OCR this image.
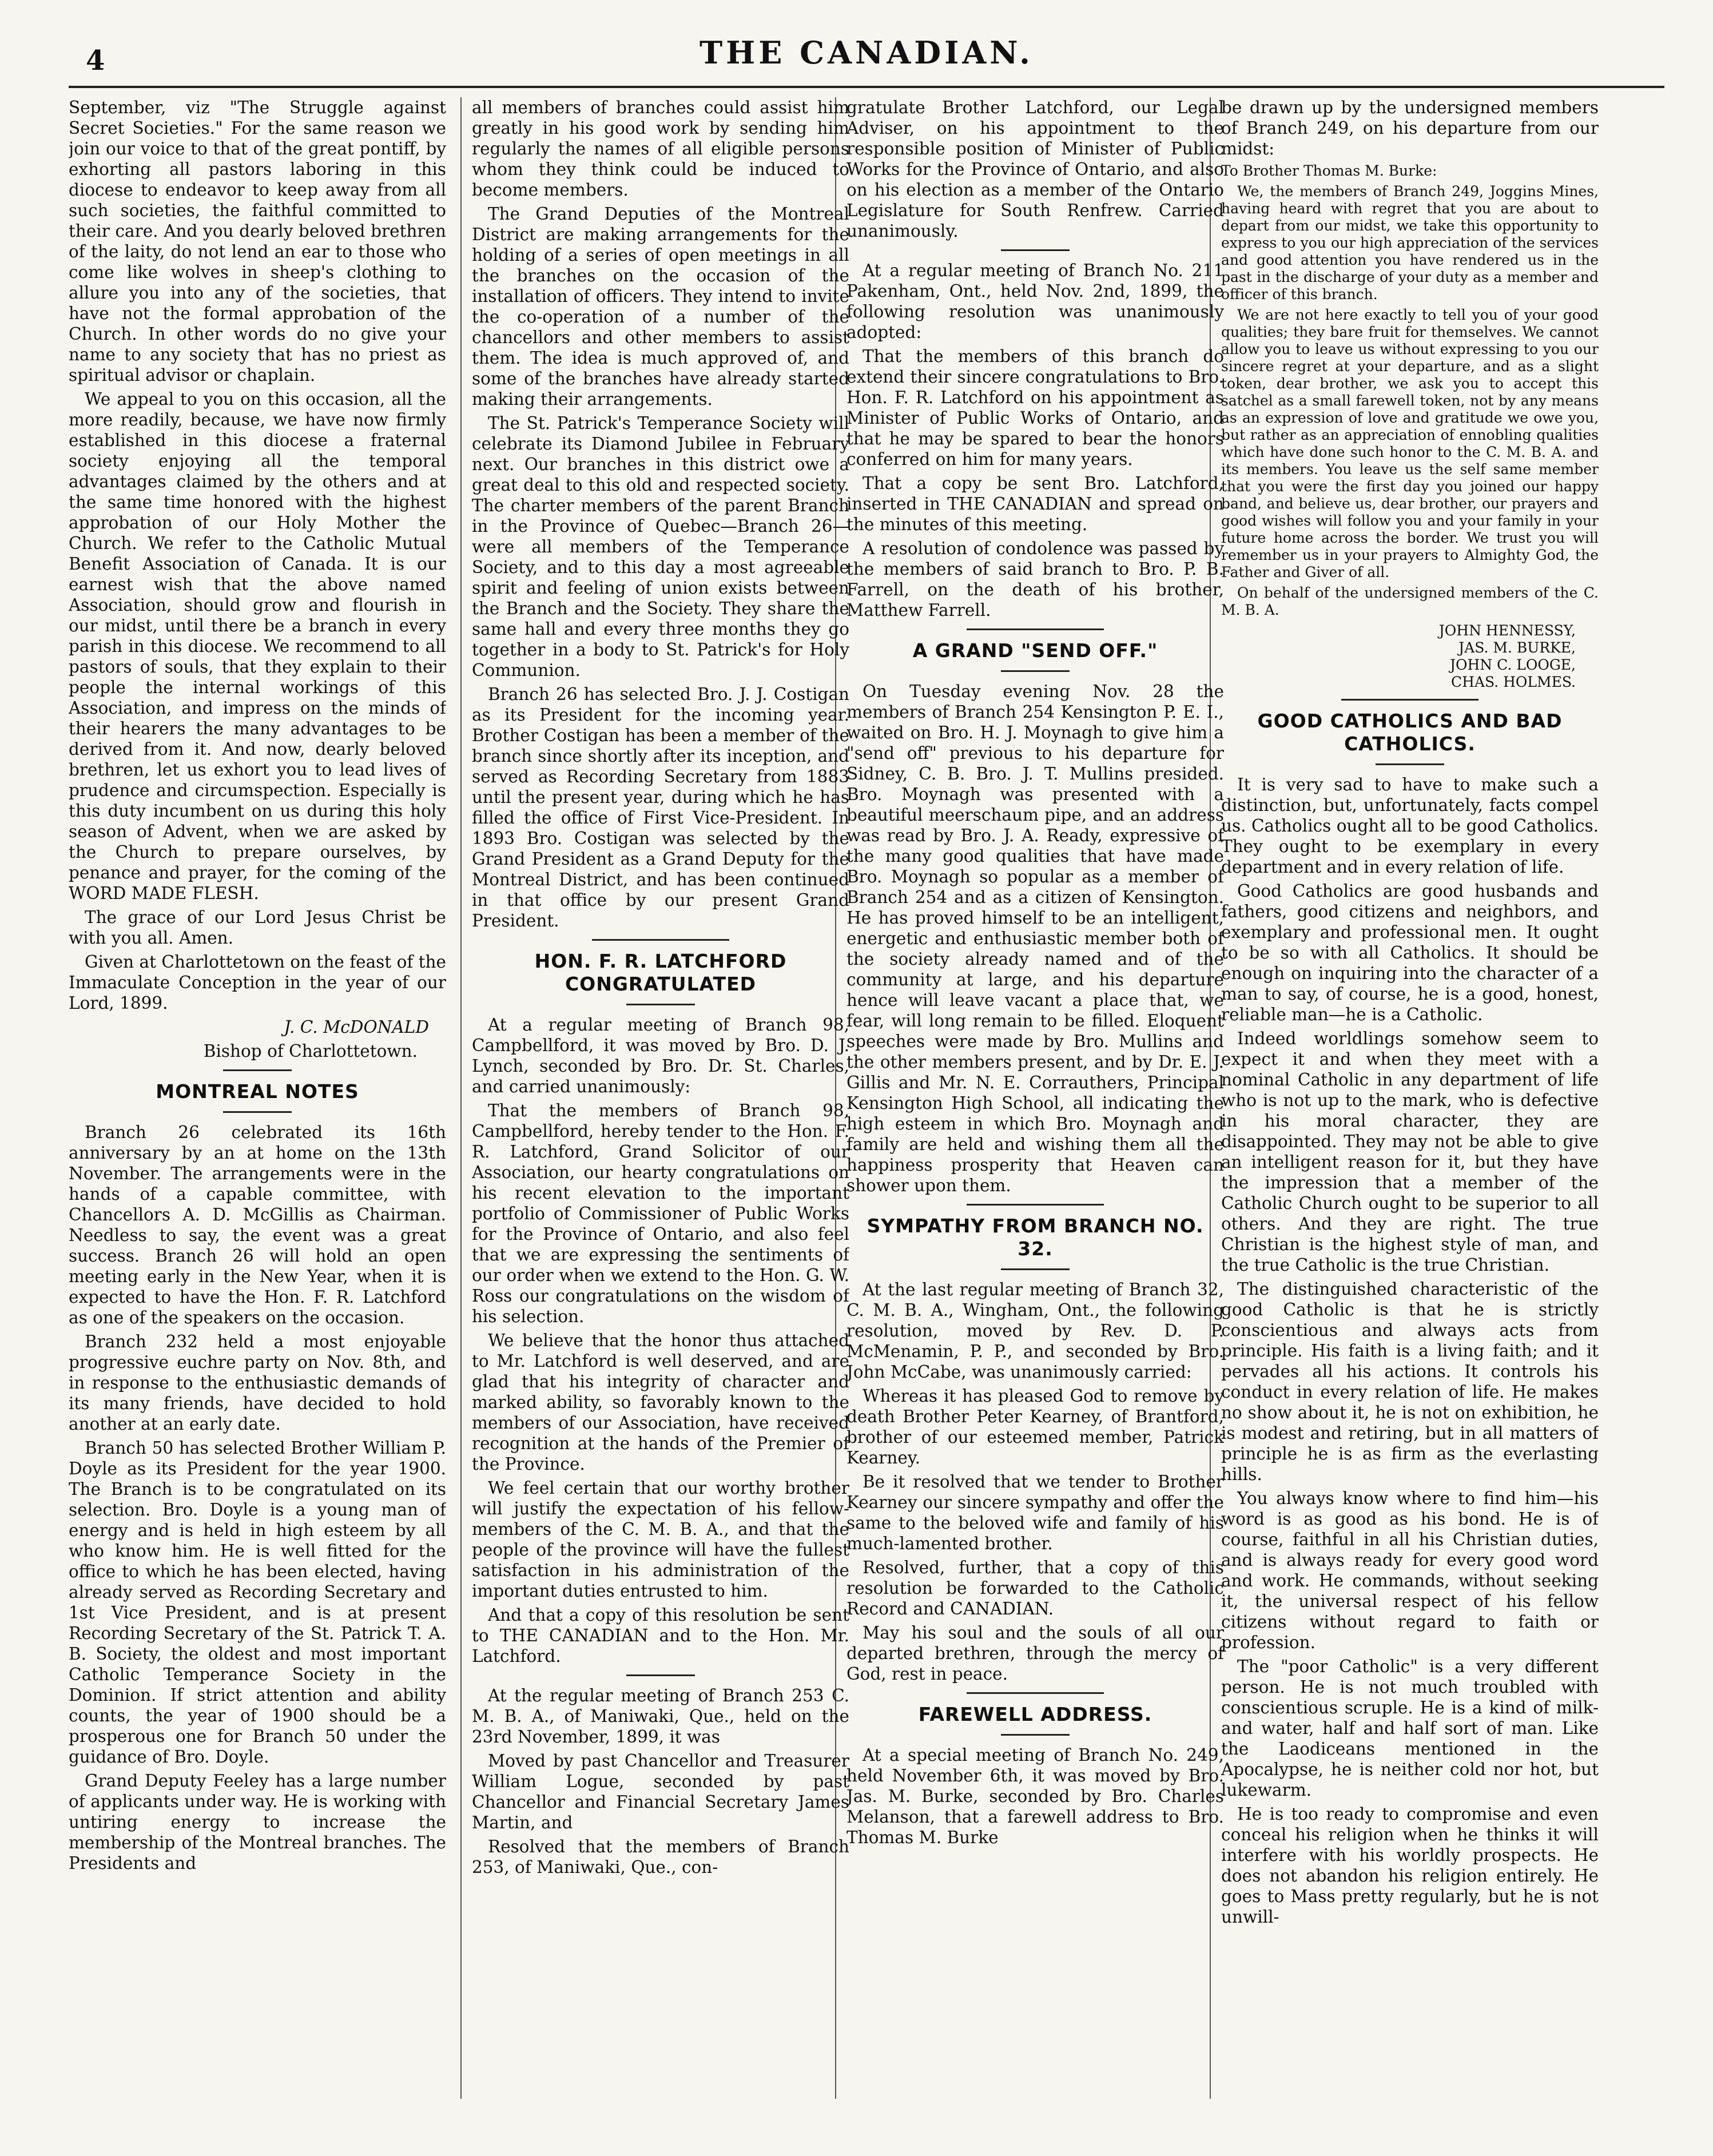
4	THE CANADIAN.

September, viz "The Struggle against Secret Societies." For the same reason we join our voice to that of the great pontiff, by exhorting all pastors laboring in this diocese to endeavor to keep away from all such societies, the faithful committed to their care. And you dearly beloved brethren of the laity, do not lend an ear to those who come like wolves in sheep's clothing to allure you into any of the societies, that have not the formal approbation of the Church. In other words do no give your name to any society that has no priest as spiritual advisor or chaplain.

We appeal to you on this occasion, all the more readily, because, we have now firmly established in this diocese a fraternal society enjoying all the temporal advantages claimed by the others and at the same time honored with the highest approbation of our Holy Mother the Church. We refer to the Catholic Mutual Benefit Association of Canada. It is our earnest wish that the above named Association, should grow and flourish in our midst, until there be a branch in every parish in this diocese. We recommend to all pastors of souls, that they explain to their people the internal workings of this Association, and impress on the minds of their hearers the many advantages to be derived from it. And now, dearly beloved brethren, let us exhort you to lead lives of prudence and circumspection. Especially is this duty incumbent on us during this holy season of Advent, when we are asked by the Church to prepare ourselves, by penance and prayer, for the coming of the WORD MADE FLESH.

The grace of our Lord Jesus Christ be with you all. Amen.

Given at Charlottetown on the feast of the Immaculate Conception in the year of our Lord, 1899.

J. C. McDONALD

Bishop of Charlottetown.

MONTREAL NOTES

Branch 26 celebrated its 16th anniversary by an at home on the 13th November. The arrangements were in the hands of a capable committee, with Chancellors A. D. McGillis as Chairman. Needless to say, the event was a great success. Branch 26 will hold an open meeting early in the New Year, when it is expected to have the Hon. F. R. Latchford as one of the speakers on the occasion.

Branch 232 held a most enjoyable progressive euchre party on Nov. 8th, and in response to the enthusiastic demands of its many friends, have decided to hold another at an early date.

Branch 50 has selected Brother William P. Doyle as its President for the year 1900. The Branch is to be congratulated on its selection. Bro. Doyle is a young man of energy and is held in high esteem by all who know him. He is well fitted for the office to which he has been elected, having already served as Recording Secretary and 1st Vice President, and is at present Recording Secretary of the St. Patrick T. A. B. Society, the oldest and most important Catholic Temperance Society in the Dominion. If strict attention and ability counts, the year of 1900 should be a prosperous one for Branch 50 under the guidance of Bro. Doyle.

Grand Deputy Feeley has a large number of applicants under way. He is working with untiring energy to increase the membership of the Montreal branches. The Presidents and

all members of branches could assist him greatly in his good work by sending him regularly the names of all eligible persons whom they think could be induced to become members.

The Grand Deputies of the Montreal District are making arrangements for the holding of a series of open meetings in all the branches on the occasion of the installation of officers. They intend to invite the co-operation of a number of the chancellors and other members to assist them. The idea is much approved of, and some of the branches have already started making their arrangements.

The St. Patrick's Temperance Society will celebrate its Diamond Jubilee in February next. Our branches in this district owe a great deal to this old and respected society. The charter members of the parent Branch in the Province of Quebec—Branch 26—were all members of the Temperance Society, and to this day a most agreeable spirit and feeling of union exists between the Branch and the Society. They share the same hall and every three months they go together in a body to St. Patrick's for Holy Communion.

Branch 26 has selected Bro. J. J. Costigan as its President for the incoming year. Brother Costigan has been a member of the branch since shortly after its inception, and served as Recording Secretary from 1883 until the present year, during which he has filled the office of First Vice-President. In 1893 Bro. Costigan was selected by the Grand President as a Grand Deputy for the Montreal District, and has been continued in that office by our present Grand President.

HON. F. R. LATCHFORD CONGRATULATED

At a regular meeting of Branch 98, Campbellford, it was moved by Bro. D. J. Lynch, seconded by Bro. Dr. St. Charles, and carried unanimously:

That the members of Branch 98, Campbellford, hereby tender to the Hon. F. R. Latchford, Grand Solicitor of our Association, our hearty congratulations on his recent elevation to the important portfolio of Commissioner of Public Works for the Province of Ontario, and also feel that we are expressing the sentiments of our order when we extend to the Hon. G. W. Ross our congratulations on the wisdom of his selection.

We believe that the honor thus attached to Mr. Latchford is well deserved, and are glad that his integrity of character and marked ability, so favorably known to the members of our Association, have received recognition at the hands of the Premier of the Province.

We feel certain that our worthy brother will justify the expectation of his fellow-members of the C. M. B. A., and that the people of the province will have the fullest satisfaction in his administration of the important duties entrusted to him.

And that a copy of this resolution be sent to THE CANADIAN and to the Hon. Mr. Latchford.

At the regular meeting of Branch 253 C. M. B. A., of Maniwaki, Que., held on the 23rd November, 1899, it was

Moved by past Chancellor and Treasurer William Logue, seconded by past Chancellor and Financial Secretary James Martin, and

Resolved that the members of Branch 253, of Maniwaki, Que., con-

gratulate Brother Latchford, our Legal Adviser, on his appointment to the responsible position of Minister of Public Works for the Province of Ontario, and also on his election as a member of the Ontario Legislature for South Renfrew. Carried unanimously.

At a regular meeting of Branch No. 211 Pakenham, Ont., held Nov. 2nd, 1899, the following resolution was unanimously adopted:

That the members of this branch do extend their sincere congratulations to Bro. Hon. F. R. Latchford on his appointment as Minister of Public Works of Ontario, and that he may be spared to bear the honors conferred on him for many years.

That a copy be sent Bro. Latchford, inserted in THE CANADIAN and spread on the minutes of this meeting.

A resolution of condolence was passed by the members of said branch to Bro. P. B. Farrell, on the death of his brother, Matthew Farrell.

A GRAND "SEND OFF."

On Tuesday evening Nov. 28 the members of Branch 254 Kensington P. E. I., waited on Bro. H. J. Moynagh to give him a "send off" previous to his departure for Sidney, C. B. Bro. J. T. Mullins presided. Bro. Moynagh was presented with a beautiful meerschaum pipe, and an address was read by Bro. J. A. Ready, expressive of the many good qualities that have made Bro. Moynagh so popular as a member of Branch 254 and as a citizen of Kensington. He has proved himself to be an intelligent, energetic and enthusiastic member both of the society already named and of the community at large, and his departure hence will leave vacant a place that, we fear, will long remain to be filled. Eloquent speeches were made by Bro. Mullins and the other members present, and by Dr. E. J. Gillis and Mr. N. E. Corrauthers, Principal Kensington High School, all indicating the high esteem in which Bro. Moynagh and family are held and wishing them all the happiness prosperity that Heaven can shower upon them.

SYMPATHY FROM BRANCH NO. 32.

At the last regular meeting of Branch 32, C. M. B. A., Wingham, Ont., the following resolution, moved by Rev. D. P. McMenamin, P. P., and seconded by Bro. John McCabe, was unanimously carried:

Whereas it has pleased God to remove by death Brother Peter Kearney, of Brantford, brother of our esteemed member, Patrick Kearney.

Be it resolved that we tender to Brother Kearney our sincere sympathy and offer the same to the beloved wife and family of his much-lamented brother.

Resolved, further, that a copy of this resolution be forwarded to the Catholic Record and CANADIAN.

May his soul and the souls of all our departed brethren, through the mercy of God, rest in peace.

FAREWELL ADDRESS.

At a special meeting of Branch No. 249, held November 6th, it was moved by Bro. Jas. M. Burke, seconded by Bro. Charles Melanson, that a farewell address to Bro. Thomas M. Burke

be drawn up by the undersigned members of Branch 249, on his departure from our midst:

To Brother Thomas M. Burke:

We, the members of Branch 249, Joggins Mines, having heard with regret that you are about to depart from our midst, we take this opportunity to express to you our high appreciation of the services and good attention you have rendered us in the past in the discharge of your duty as a member and officer of this branch.

We are not here exactly to tell you of your good qualities; they bare fruit for themselves. We cannot allow you to leave us without expressing to you our sincere regret at your departure, and as a slight token, dear brother, we ask you to accept this satchel as a small farewell token, not by any means as an expression of love and gratitude we owe you, but rather as an appreciation of ennobling qualities which have done such honor to the C. M. B. A. and its members. You leave us the self same member that you were the first day you joined our happy band, and believe us, dear brother, our prayers and good wishes will follow you and your family in your future home across the border. We trust you will remember us in your prayers to Almighty God, the Father and Giver of all.

On behalf of the undersigned members of the C. M. B. A.

JOHN HENNESSY,
JAS. M. BURKE,
JOHN C. LOOGE,
CHAS. HOLMES.
GOOD CATHOLICS AND BAD CATHOLICS.

It is very sad to have to make such a distinction, but, unfortunately, facts compel us. Catholics ought all to be good Catholics. They ought to be exemplary in every department and in every relation of life.

Good Catholics are good husbands and fathers, good citizens and neighbors, and exemplary and professional men. It ought to be so with all Catholics. It should be enough on inquiring into the character of a man to say, of course, he is a good, honest, reliable man—he is a Catholic.

Indeed worldlings somehow seem to expect it and when they meet with a nominal Catholic in any department of life who is not up to the mark, who is defective in his moral character, they are disappointed. They may not be able to give an intelligent reason for it, but they have the impression that a member of the Catholic Church ought to be superior to all others. And they are right. The true Christian is the highest style of man, and the true Catholic is the true Christian.

The distinguished characteristic of the good Catholic is that he is strictly conscientious and always acts from principle. His faith is a living faith; and it pervades all his actions. It controls his conduct in every relation of life. He makes no show about it, he is not on exhibition, he is modest and retiring, but in all matters of principle he is as firm as the everlasting hills.

You always know where to find him—his word is as good as his bond. He is of course, faithful in all his Christian duties, and is always ready for every good word and work. He commands, without seeking it, the universal respect of his fellow citizens without regard to faith or profession.

The "poor Catholic" is a very different person. He is not much troubled with conscientious scruple. He is a kind of milk-and water, half and half sort of man. Like the Laodiceans mentioned in the Apocalypse, he is neither cold nor hot, but lukewarm.

He is too ready to compromise and even conceal his religion when he thinks it will interfere with his worldly prospects. He does not abandon his religion entirely. He goes to Mass pretty regularly, but he is not unwill-
